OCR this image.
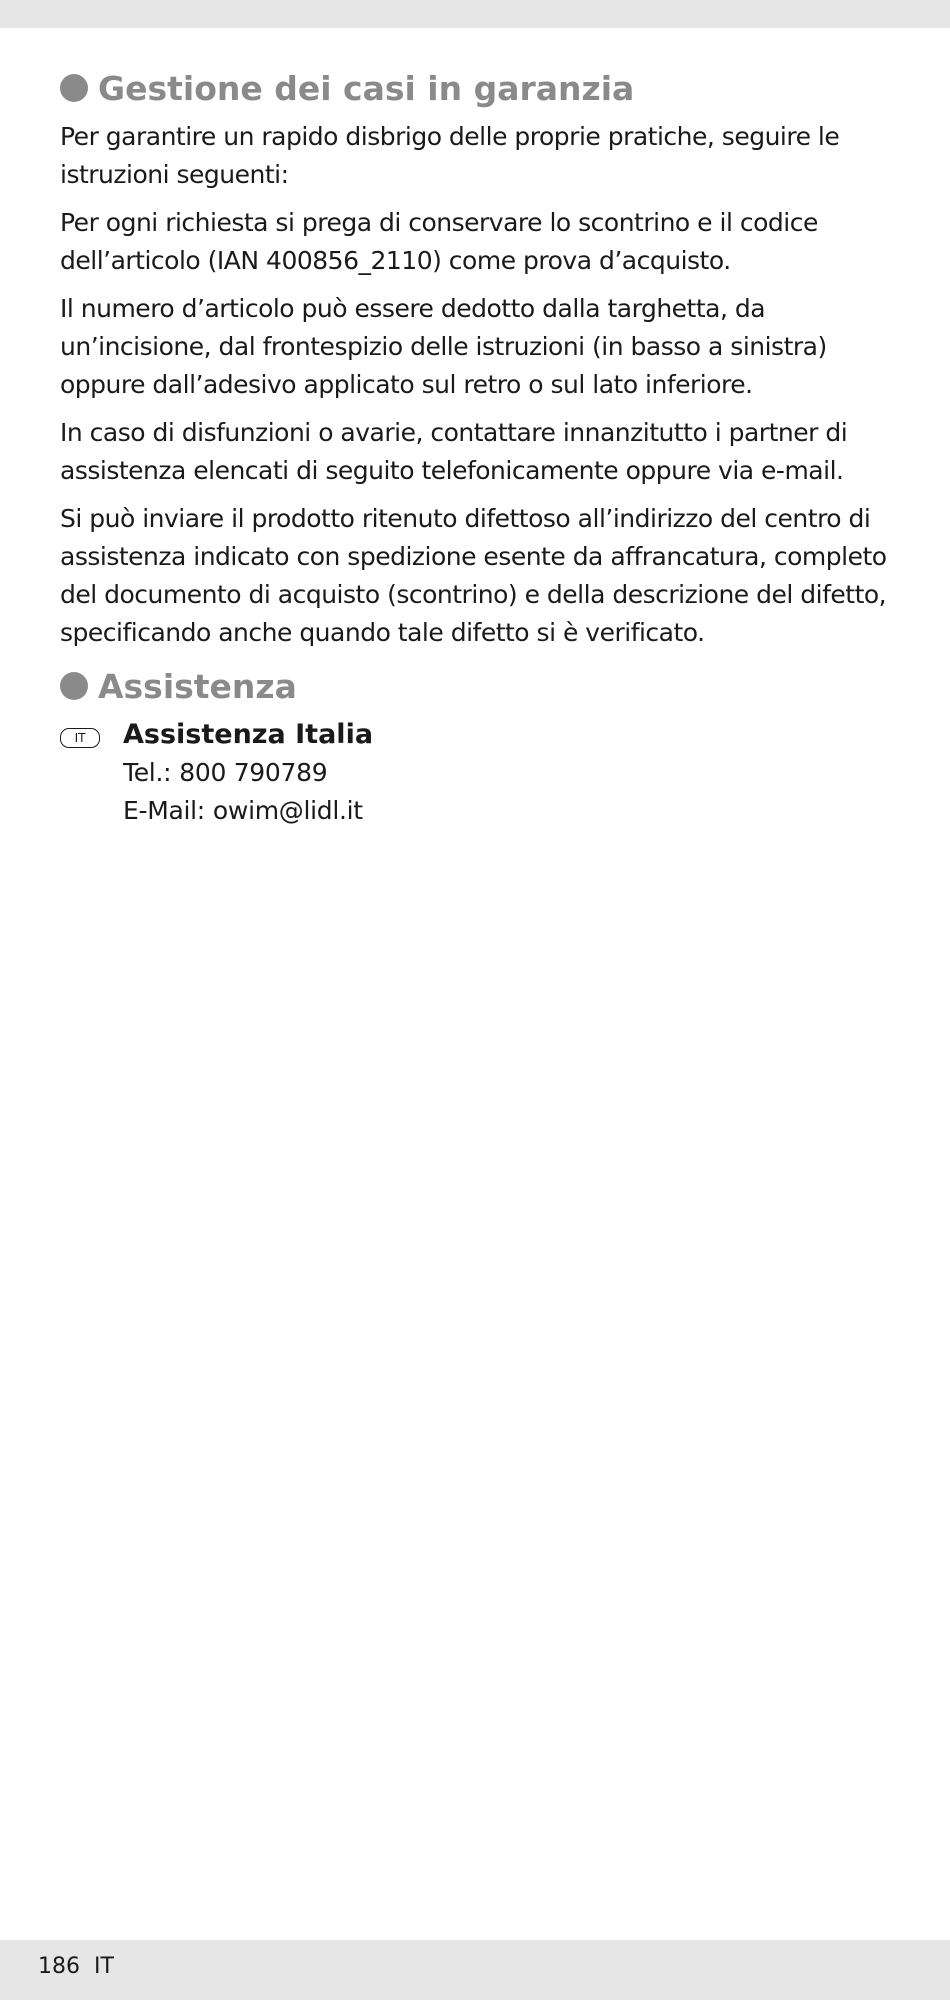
Gestione dei casi in garanzia

Per garantire un rapido disbrigo delle proprie pratiche, seguire le istruzioni seguenti:

Per ogni richiesta si prega di conservare lo scontrino e il codice dell’articolo (IAN 400856_2110) come prova d’acquisto.

Il numero d’articolo può essere dedotto dalla targhetta, da un’incisione, dal frontespizio delle istruzioni (in basso a sinistra) oppure dall’adesivo applicato sul retro o sul lato inferiore.

In caso di disfunzioni o avarie, contattare innanzitutto i partner di assistenza elencati di seguito telefonicamente oppure via e-mail.

Si può inviare il prodotto ritenuto difettoso all’indirizzo del centro di assistenza indicato con spedizione esente da affrancatura, completo del documento di acquisto (scontrino) e della descrizione del difetto, specificando anche quando tale difetto si è verificato.

Assistenza
IT	Assistenza Italia
Tel.: 800 790789
E-Mail: owim@lidl.it
186 IT
